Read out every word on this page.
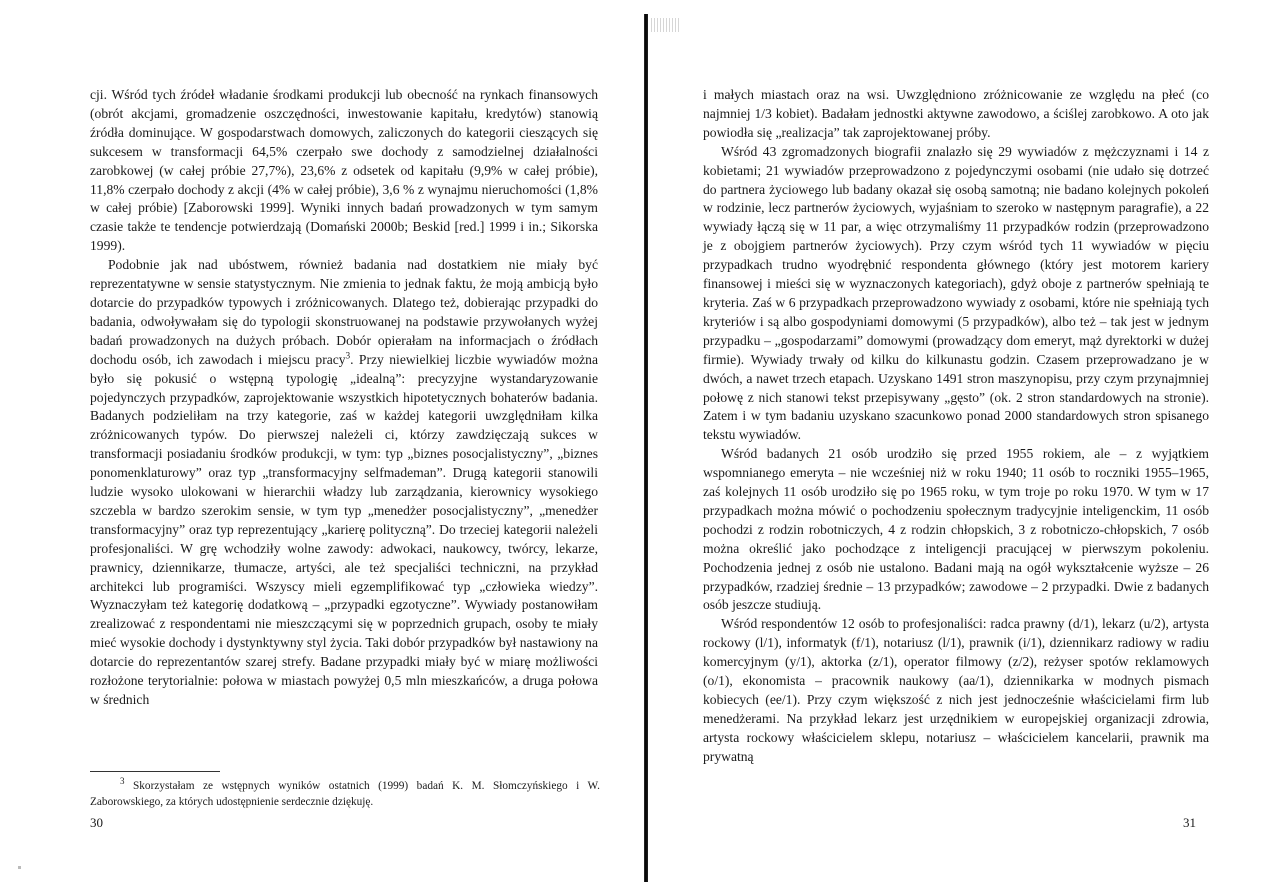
cji. Wśród tych źródeł władanie środkami produkcji lub obecność na rynkach finansowych (obrót akcjami, gromadzenie oszczędności, inwestowanie kapitału, kredytów) stanowią źródła dominujące. W gospodarstwach domowych, zaliczonych do kategorii cieszących się sukcesem w transformacji 64,5% czerpało swe dochody z samodzielnej działalności zarobkowej (w całej próbie 27,7%), 23,6% z odsetek od kapitału (9,9% w całej próbie), 11,8% czerpało dochody z akcji (4% w całej próbie), 3,6 % z wynajmu nieruchomości (1,8% w całej próbie) [Zaborowski 1999]. Wyniki innych badań prowadzonych w tym samym czasie także te tendencje potwierdzają (Domański 2000b; Beskid [red.] 1999 i in.; Sikorska 1999).

Podobnie jak nad ubóstwem, również badania nad dostatkiem nie miały być reprezentatywne w sensie statystycznym. Nie zmienia to jednak faktu, że moją ambicją było dotarcie do przypadków typowych i zróżnicowanych. Dlatego też, dobierając przypadki do badania, odwoływałam się do typologii skonstruowanej na podstawie przywołanych wyżej badań prowadzonych na dużych próbach. Dobór opierałam na informacjach o źródłach dochodu osób, ich zawodach i miejscu pracy$^3$. Przy niewielkiej liczbie wywiadów można było się pokusić o wstępną typologię „idealną”: precyzyjne wystandaryzowanie pojedynczych przypadków, zaprojektowanie wszystkich hipotetycznych bohaterów badania. Badanych podzieliłam na trzy kategorie, zaś w każdej kategorii uwzględniłam kilka zróżnicowanych typów. Do pierwszej należeli ci, którzy zawdzięczają sukces w transformacji posiadaniu środków produkcji, w tym: typ „biznes posocjalistyczny”, „biznes ponomenklaturowy” oraz typ „transformacyjny selfmademan”. Drugą kategorii stanowili ludzie wysoko ulokowani w hierarchii władzy lub zarządzania, kierownicy wysokiego szczebla w bardzo szerokim sensie, w tym typ „menedżer posocjalistyczny”, „menedżer transformacyjny” oraz typ reprezentujący „karierę polityczną”. Do trzeciej kategorii należeli profesjonaliści. W grę wchodziły wolne zawody: adwokaci, naukowcy, twórcy, lekarze, prawnicy, dziennikarze, tłumacze, artyści, ale też specjaliści techniczni, na przykład architekci lub programiści. Wszyscy mieli egzemplifikować typ „człowieka wiedzy”. Wyznaczyłam też kategorię dodatkową – „przypadki egzotyczne”. Wywiady postanowiłam zrealizować z respondentami nie mieszczącymi się w poprzednich grupach, osoby te miały mieć wysokie dochody i dystynktywny styl życia. Taki dobór przypadków był nastawiony na dotarcie do reprezentantów szarej strefy. Badane przypadki miały być w miarę możliwości rozłożone terytorialnie: połowa w miastach powyżej 0,5 mln mieszkańców, a druga połowa w średnich

$^3$ Skorzystałam ze wstępnych wyników ostatnich (1999) badań K. M. Słomczyńskiego i W. Zaborowskiego, za których udostępnienie serdecznie dziękuję.
30

i małych miastach oraz na wsi. Uwzględniono zróżnicowanie ze względu na płeć (co najmniej 1/3 kobiet). Badałam jednostki aktywne zawodowo, a ściślej zarobkowo. A oto jak powiodła się „realizacja” tak zaprojektowanej próby.

Wśród 43 zgromadzonych biografii znalazło się 29 wywiadów z mężczyznami i 14 z kobietami; 21 wywiadów przeprowadzono z pojedynczymi osobami (nie udało się dotrzeć do partnera życiowego lub badany okazał się osobą samotną; nie badano kolejnych pokoleń w rodzinie, lecz partnerów życiowych, wyjaśniam to szeroko w następnym paragrafie), a 22 wywiady łączą się w 11 par, a więc otrzymaliśmy 11 przypadków rodzin (przeprowadzono je z obojgiem partnerów życiowych). Przy czym wśród tych 11 wywiadów w pięciu przypadkach trudno wyodrębnić respondenta głównego (który jest motorem kariery finansowej i mieści się w wyznaczonych kategoriach), gdyż oboje z partnerów spełniają te kryteria. Zaś w 6 przypadkach przeprowadzono wywiady z osobami, które nie spełniają tych kryteriów i są albo gospodyniami domowymi (5 przypadków), albo też – tak jest w jednym przypadku – „gospodarzami” domowymi (prowadzący dom emeryt, mąż dyrektorki w dużej firmie). Wywiady trwały od kilku do kilkunastu godzin. Czasem przeprowadzano je w dwóch, a nawet trzech etapach. Uzyskano 1491 stron maszynopisu, przy czym przynajmniej połowę z nich stanowi tekst przepisywany „gęsto” (ok. 2 stron standardowych na stronie). Zatem i w tym badaniu uzyskano szacunkowo ponad 2000 standardowych stron spisanego tekstu wywiadów.

Wśród badanych 21 osób urodziło się przed 1955 rokiem, ale – z wyjątkiem wspomnianego emeryta – nie wcześniej niż w roku 1940; 11 osób to roczniki 1955–1965, zaś kolejnych 11 osób urodziło się po 1965 roku, w tym troje po roku 1970. W tym w 17 przypadkach można mówić o pochodzeniu społecznym tradycyjnie inteligenckim, 11 osób pochodzi z rodzin robotniczych, 4 z rodzin chłopskich, 3 z robotniczo-chłopskich, 7 osób można określić jako pochodzące z inteligencji pracującej w pierwszym pokoleniu. Pochodzenia jednej z osób nie ustalono. Badani mają na ogół wykształcenie wyższe – 26 przypadków, rzadziej średnie – 13 przypadków; zawodowe – 2 przypadki. Dwie z badanych osób jeszcze studiują.

Wśród respondentów 12 osób to profesjonaliści: radca prawny (d/1), lekarz (u/2), artysta rockowy (l/1), informatyk (f/1), notariusz (l/1), prawnik (i/1), dziennikarz radiowy w radiu komercyjnym (y/1), aktorka (z/1), operator filmowy (z/2), reżyser spotów reklamowych (o/1), ekonomista – pracownik naukowy (aa/1), dziennikarka w modnych pismach kobiecych (ee/1). Przy czym większość z nich jest jednocześnie właścicielami firm lub menedżerami. Na przykład lekarz jest urzędnikiem w europejskiej organizacji zdrowia, artysta rockowy właścicielem sklepu, notariusz – właścicielem kancelarii, prawnik ma prywatną

31
